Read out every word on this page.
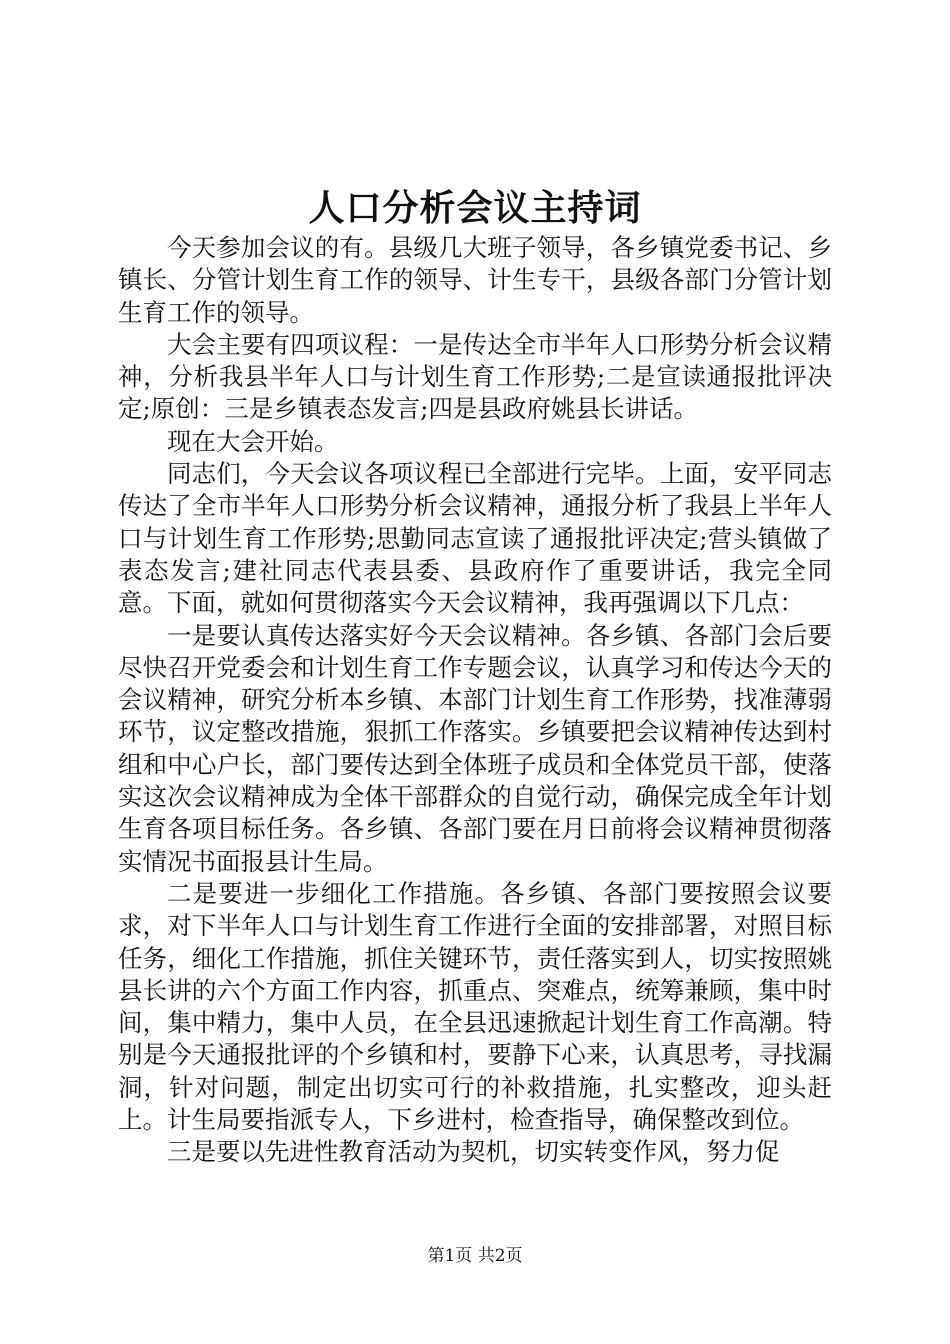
人口分析会议主持词

今天参加会议的有。县级几大班子领导，各乡镇党委书记、乡镇长、分管计划生育工作的领导、计生专干，县级各部门分管计划生育工作的领导。

大会主要有四项议程：一是传达全市半年人口形势分析会议精神，分析我县半年人口与计划生育工作形势;二是宣读通报批评决定;原创：三是乡镇表态发言;四是县政府姚县长讲话。

现在大会开始。

同志们，今天会议各项议程已全部进行完毕。上面，安平同志传达了全市半年人口形势分析会议精神，通报分析了我县上半年人口与计划生育工作形势;思勤同志宣读了通报批评决定;营头镇做了表态发言;建社同志代表县委、县政府作了重要讲话，我完全同意。下面，就如何贯彻落实今天会议精神，我再强调以下几点：

一是要认真传达落实好今天会议精神。各乡镇、各部门会后要尽快召开党委会和计划生育工作专题会议，认真学习和传达今天的会议精神，研究分析本乡镇、本部门计划生育工作形势，找准薄弱环节，议定整改措施，狠抓工作落实。乡镇要把会议精神传达到村组和中心户长，部门要传达到全体班子成员和全体党员干部，使落实这次会议精神成为全体干部群众的自觉行动，确保完成全年计划生育各项目标任务。各乡镇、各部门要在月日前将会议精神贯彻落实情况书面报县计生局。

二是要进一步细化工作措施。各乡镇、各部门要按照会议要求，对下半年人口与计划生育工作进行全面的安排部署，对照目标任务，细化工作措施，抓住关键环节，责任落实到人，切实按照姚县长讲的六个方面工作内容，抓重点、突难点，统筹兼顾，集中时间，集中精力，集中人员，在全县迅速掀起计划生育工作高潮。特别是今天通报批评的个乡镇和村，要静下心来，认真思考，寻找漏洞，针对问题，制定出切实可行的补救措施，扎实整改，迎头赶上。计生局要指派专人，下乡进村，检查指导，确保整改到位。

三是要以先进性教育活动为契机，切实转变作风，努力促

第1页 共2页
